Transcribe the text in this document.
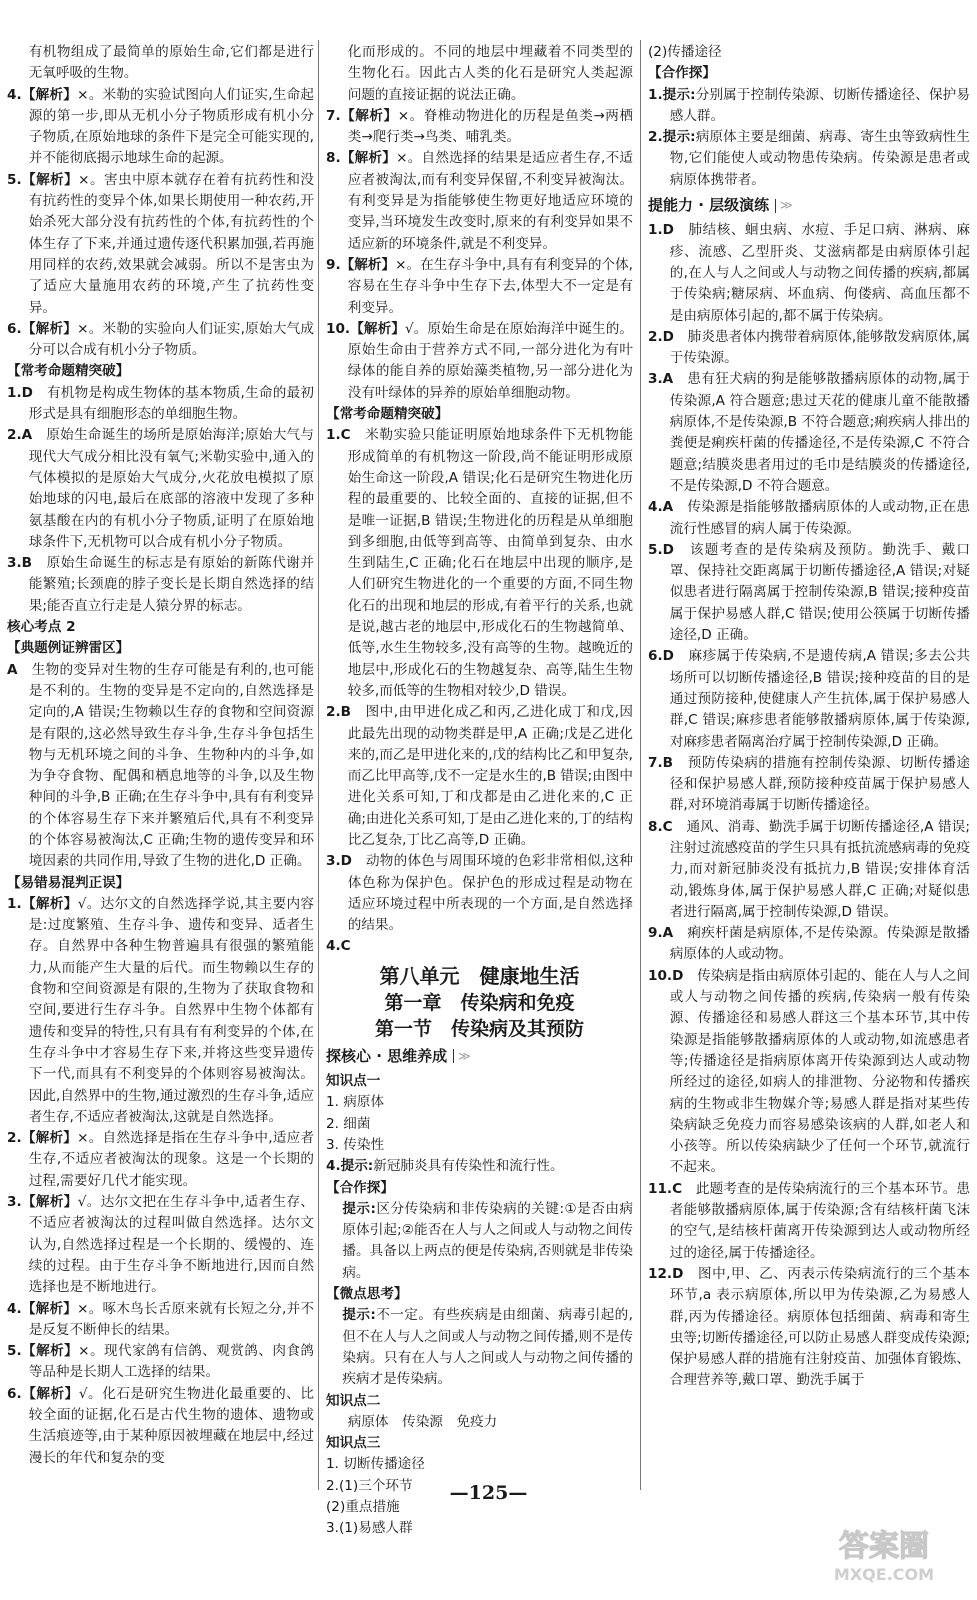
有机物组成了最简单的原始生命,它们都是进行无氧呼吸的生物。
4.【解析】×。米勒的实验试图向人们证实,生命起源的第一步,即从无机小分子物质形成有机小分子物质,在原始地球的条件下是完全可能实现的,并不能彻底揭示地球生命的起源。
5.【解析】×。害虫中原本就存在着有抗药性和没有抗药性的变异个体,如果长期使用一种农药,开始杀死大部分没有抗药性的个体,有抗药性的个体生存了下来,并通过遗传逐代积累加强,若再施用同样的农药,效果就会减弱。所以不是害虫为了适应大量施用农药的环境,产生了抗药性变异。
6.【解析】×。米勒的实验向人们证实,原始大气成分可以合成有机小分子物质。
【常考命题精突破】
1.D　有机物是构成生物体的基本物质,生命的最初形式是具有细胞形态的单细胞生物。
2.A　原始生命诞生的场所是原始海洋;原始大气与现代大气成分相比没有氧气;米勒实验中,通入的气体模拟的是原始大气成分,火花放电模拟了原始地球的闪电,最后在底部的溶液中发现了多种氨基酸在内的有机小分子物质,证明了在原始地球条件下,无机物可以合成有机小分子物质。
3.B　原始生命诞生的标志是有原始的新陈代谢并能繁殖;长颈鹿的脖子变长是长期自然选择的结果;能否直立行走是人猿分界的标志。
核心考点 2
【典题例证辨雷区】
A　生物的变异对生物的生存可能是有利的,也可能是不利的。生物的变异是不定向的,自然选择是定向的,A 错误;生物赖以生存的食物和空间资源是有限的,这必然导致生存斗争,生存斗争包括生物与无机环境之间的斗争、生物种内的斗争,如为争夺食物、配偶和栖息地等的斗争,以及生物种间的斗争,B 正确;在生存斗争中,具有有利变异的个体容易生存下来并繁殖后代,具有不利变异的个体容易被淘汰,C 正确;生物的遗传变异和环境因素的共同作用,导致了生物的进化,D 正确。
【易错易混判正误】
1.【解析】√。达尔文的自然选择学说,其主要内容是:过度繁殖、生存斗争、遗传和变异、适者生存。自然界中各种生物普遍具有很强的繁殖能力,从而能产生大量的后代。而生物赖以生存的食物和空间资源是有限的,生物为了获取食物和空间,要进行生存斗争。自然界中生物个体都有遗传和变异的特性,只有具有有利变异的个体,在生存斗争中才容易生存下来,并将这些变异遗传下一代,而具有不利变异的个体则容易被淘汰。因此,自然界中的生物,通过激烈的生存斗争,适应者生存,不适应者被淘汰,这就是自然选择。
2.【解析】×。自然选择是指在生存斗争中,适应者生存,不适应者被淘汰的现象。这是一个长期的过程,需要好几代才能实现。
3.【解析】√。达尔文把在生存斗争中,适者生存、不适应者被淘汰的过程叫做自然选择。达尔文认为,自然选择过程是一个长期的、缓慢的、连续的过程。由于生存斗争不断地进行,因而自然选择也是不断地进行。
4.【解析】×。啄木鸟长舌原来就有长短之分,并不是反复不断伸长的结果。
5.【解析】×。现代家鸽有信鸽、观赏鸽、肉食鸽等品种是长期人工选择的结果。
6.【解析】√。化石是研究生物进化最重要的、比较全面的证据,化石是古代生物的遗体、遗物或生活痕迹等,由于某种原因被埋藏在地层中,经过漫长的年代和复杂的变
化而形成的。不同的地层中埋藏着不同类型的生物化石。因此古人类的化石是研究人类起源问题的直接证据的说法正确。
7.【解析】×。脊椎动物进化的历程是鱼类→两栖类→爬行类→鸟类、哺乳类。
8.【解析】×。自然选择的结果是适应者生存,不适应者被淘汰,而有利变异保留,不利变异被淘汰。有利变异是为指能够使生物更好地适应环境的变异,当环境发生改变时,原来的有利变异如果不适应新的环境条件,就是不利变异。
9.【解析】×。在生存斗争中,具有有利变异的个体,容易在生存斗争中生存下去,体型大不一定是有利变异。
10.【解析】√。原始生命是在原始海洋中诞生的。原始生命由于营养方式不同,一部分进化为有叶绿体的能自养的原始藻类植物,另一部分进化为没有叶绿体的异养的原始单细胞动物。
【常考命题精突破】
1.C　米勒实验只能证明原始地球条件下无机物能形成简单的有机物这一阶段,尚不能证明形成原始生命这一阶段,A 错误;化石是研究生物进化历程的最重要的、比较全面的、直接的证据,但不是唯一证据,B 错误;生物进化的历程是从单细胞到多细胞,由低等到高等、由简单到复杂、由水生到陆生,C 正确;化石在地层中出现的顺序,是人们研究生物进化的一个重要的方面,不同生物化石的出现和地层的形成,有着平行的关系,也就是说,越古老的地层中,形成化石的生物越简单、低等,水生生物较多,没有高等的生物。越晚近的地层中,形成化石的生物越复杂、高等,陆生生物较多,而低等的生物相对较少,D 错误。
2.B　图中,由甲进化成乙和丙,乙进化成丁和戊,因此最先出现的动物类群是甲,A 正确;戊是乙进化来的,而乙是甲进化来的,戊的结构比乙和甲复杂,而乙比甲高等,戊不一定是水生的,B 错误;由图中进化关系可知,丁和戊都是由乙进化来的,C 正确;由进化关系可知,丁是由乙进化来的,丁的结构比乙复杂,丁比乙高等,D 正确。
3.D　动物的体色与周围环境的色彩非常相似,这种体色称为保护色。保护色的形成过程是动物在适应环境过程中所表现的一个方面,是自然选择的结果。
4.C
第八单元　健康地生活
第一章　传染病和免疫
第一节　传染病及其预防
探核心 · 思维养成 ≫
知识点一
1. 病原体
2. 细菌
3. 传染性
4.提示:新冠肺炎具有传染性和流行性。
【合作探】
提示:区分传染病和非传染病的关键:①是否由病原体引起;②能否在人与人之间或人与动物之间传播。具备以上两点的便是传染病,否则就是非传染病。
【微点思考】
提示:不一定。有些疾病是由细菌、病毒引起的,但不在人与人之间或人与动物之间传播,则不是传染病。只有在人与人之间或人与动物之间传播的疾病才是传染病。
知识点二
病原体　传染源　免疫力
知识点三
1. 切断传播途径
2.(1)三个环节
(2)重点措施
3.(1)易感人群
(2)传播途径
【合作探】
1.提示:分别属于控制传染源、切断传播途径、保护易感人群。
2.提示:病原体主要是细菌、病毒、寄生虫等致病性生物,它们能使人或动物患传染病。传染源是患者或病原体携带者。
提能力 · 层级演练 ≫
1.D　肺结核、蛔虫病、水痘、手足口病、淋病、麻疹、流感、乙型肝炎、艾滋病都是由病原体引起的,在人与人之间或人与动物之间传播的疾病,都属于传染病;糖尿病、坏血病、佝偻病、高血压都不是由病原体引起的,都不属于传染病。
2.D　肺炎患者体内携带着病原体,能够散发病原体,属于传染源。
3.A　患有狂犬病的狗是能够散播病原体的动物,属于传染源,A 符合题意;患过天花的健康儿童不能散播病原体,不是传染源,B 不符合题意;痢疾病人排出的粪便是痢疾杆菌的传播途径,不是传染源,C 不符合题意;结膜炎患者用过的毛巾是结膜炎的传播途径,不是传染源,D 不符合题意。
4.A　传染源是指能够散播病原体的人或动物,正在患流行性感冒的病人属于传染源。
5.D　该题考查的是传染病及预防。勤洗手、戴口罩、保持社交距离属于切断传播途径,A 错误;对疑似患者进行隔离属于控制传染源,B 错误;接种疫苗属于保护易感人群,C 错误;使用公筷属于切断传播途径,D 正确。
6.D　麻疹属于传染病,不是遗传病,A 错误;多去公共场所可以切断传播途径,B 错误;接种疫苗的目的是通过预防接种,使健康人产生抗体,属于保护易感人群,C 错误;麻疹患者能够散播病原体,属于传染源,对麻疹患者隔离治疗属于控制传染源,D 正确。
7.B　预防传染病的措施有控制传染源、切断传播途径和保护易感人群,预防接种疫苗属于保护易感人群,对环境消毒属于切断传播途径。
8.C　通风、消毒、勤洗手属于切断传播途径,A 错误;注射过流感疫苗的学生只具有抵抗流感病毒的免疫力,而对新冠肺炎没有抵抗力,B 错误;安排体育活动,锻炼身体,属于保护易感人群,C 正确;对疑似患者进行隔离,属于控制传染源,D 错误。
9.A　痢疾杆菌是病原体,不是传染源。传染源是散播病原体的人或动物。
10.D　传染病是指由病原体引起的、能在人与人之间或人与动物之间传播的疾病,传染病一般有传染源、传播途径和易感人群这三个基本环节,其中传染源是指能够散播病原体的人或动物,如流感患者等;传播途径是指病原体离开传染源到达人或动物所经过的途径,如病人的排泄物、分泌物和传播疾病的生物或非生物媒介等;易感人群是指对某些传染病缺乏免疫力而容易感染该病的人群,如老人和小孩等。所以传染病缺少了任何一个环节,就流行不起来。
11.C　此题考查的是传染病流行的三个基本环节。患者能够散播病原体,属于传染源;含有结核杆菌飞沫的空气,是结核杆菌离开传染源到达人或动物所经过的途径,属于传播途径。
12.D　图中,甲、乙、丙表示传染病流行的三个基本环节,a 表示病原体,所以甲为传染源,乙为易感人群,丙为传播途径。病原体包括细菌、病毒和寄生虫等;切断传播途径,可以防止易感人群变成传染源;保护易感人群的措施有注射疫苗、加强体育锻炼、合理营养等,戴口罩、勤洗手属于
—125—
答案圈
MXQE.COM
